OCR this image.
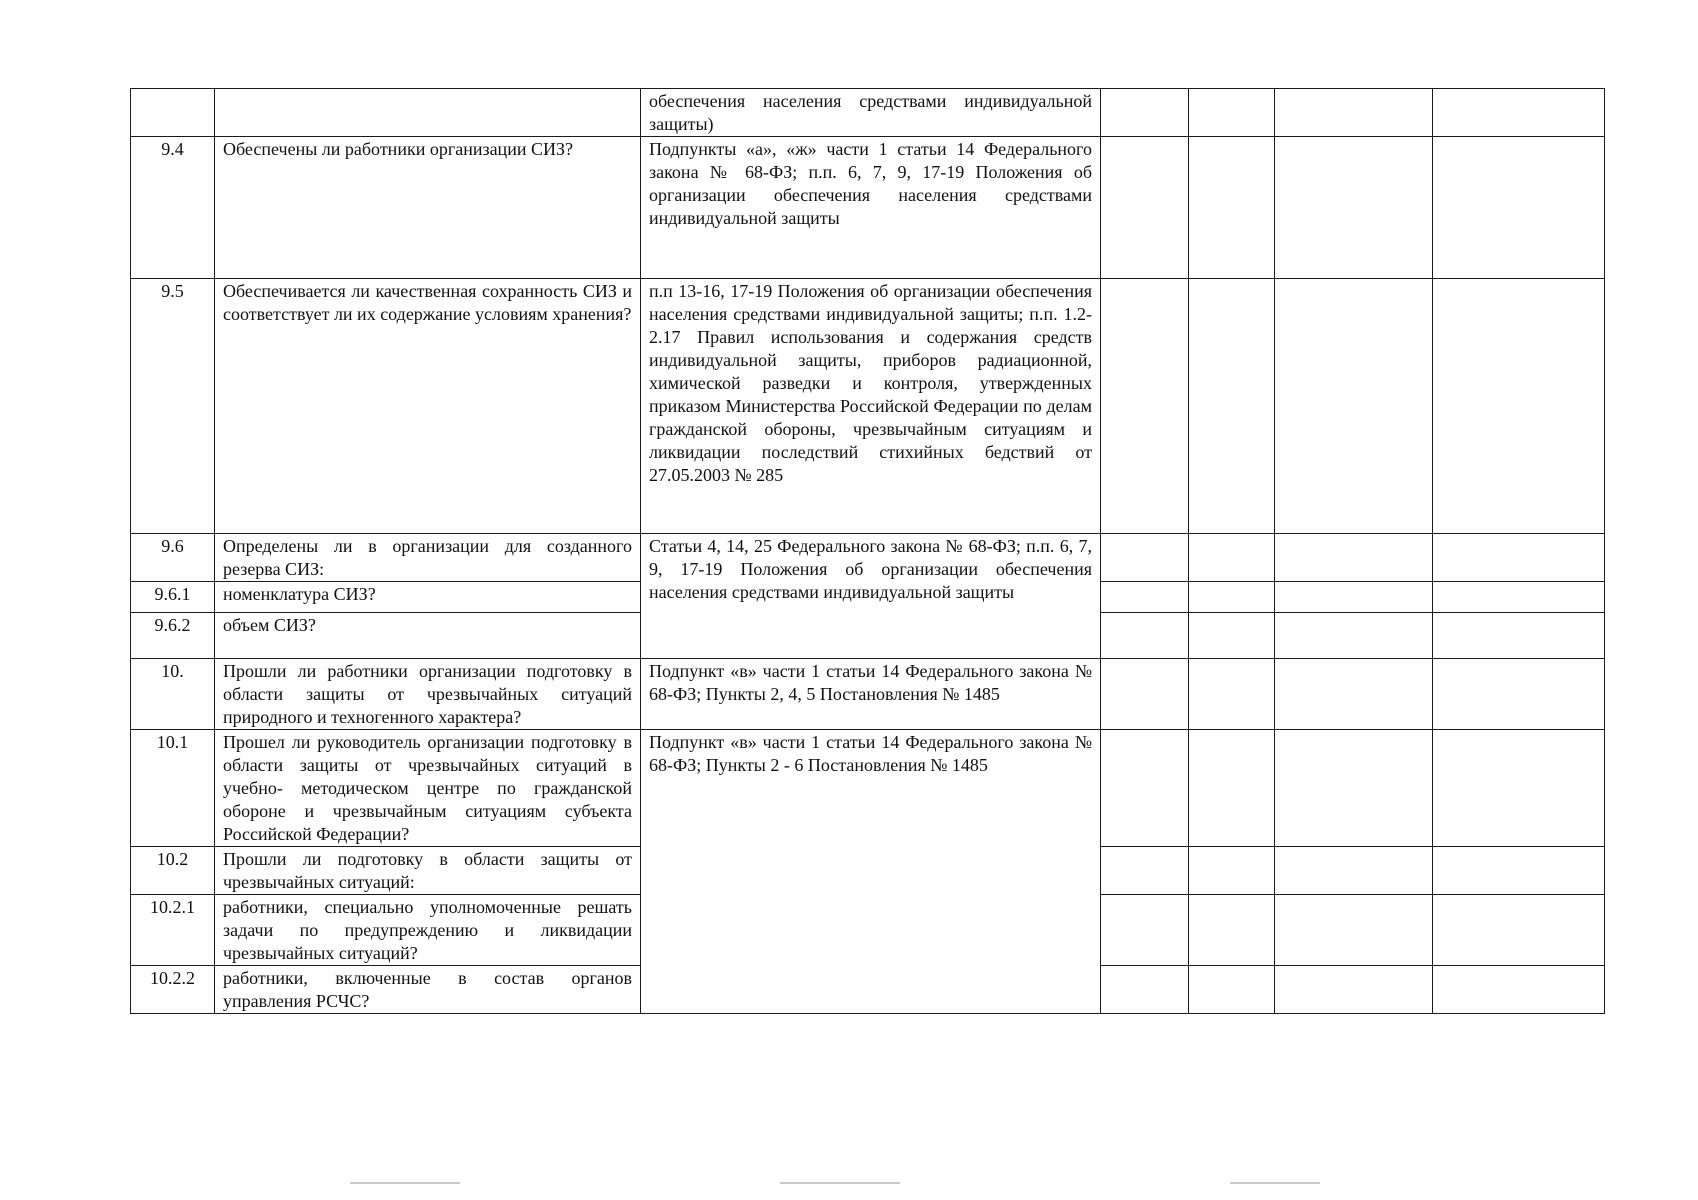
		обеспечения населения средствами индивидуальной защиты)				
9.4	Обеспечены ли работники организации СИЗ?	Подпункты «а», «ж» части 1 статьи 14 Федерального закона № 68-ФЗ; п.п. 6, 7, 9, 17-19 Положения об организации обеспечения населения средствами индивидуальной защиты				
9.5	Обеспечивается ли качественная сохранность СИЗ и соответствует ли их содержание условиям хранения?	п.п 13-16, 17-19 Положения об организации обеспечения населения средствами индивидуальной защиты; п.п. 1.2-2.17 Правил использования и содержания средств индивидуальной защиты, приборов радиационной, химической разведки и контроля, утвержденных приказом Министерства Российской Федерации по делам гражданской обороны, чрезвычайным ситуациям и ликвидации последствий стихийных бедствий от 27.05.2003 № 285				
9.6	Определены ли в организации для созданного резерва СИЗ:	Статьи 4, 14, 25 Федерального закона № 68-ФЗ; п.п. 6, 7, 9, 17-19 Положения об организации обеспечения населения средствами индивидуальной защиты				
9.6.1	номенклатура СИЗ?					
9.6.2	объем СИЗ?					
10.	Прошли ли работники организации подготовку в области защиты от чрезвычайных ситуаций природного и техногенного характера?	Подпункт «в» части 1 статьи 14 Федерального закона № 68-ФЗ; Пункты 2, 4, 5 Постановления № 1485				
10.1	Прошел ли руководитель организации подготовку в области защиты от чрезвычайных ситуаций в учебно- методическом центре по гражданской обороне и чрезвычайным ситуациям субъекта Российской Федерации?	Подпункт «в» части 1 статьи 14 Федерального закона № 68-ФЗ; Пункты 2 - 6 Постановления № 1485				
10.2	Прошли ли подготовку в области защиты от чрезвычайных ситуаций:					
10.2.1	работники, специально уполномоченные решать задачи по предупреждению и ликвидации чрезвычайных ситуаций?					
10.2.2	работники, включенные в состав органов управления РСЧС?					
